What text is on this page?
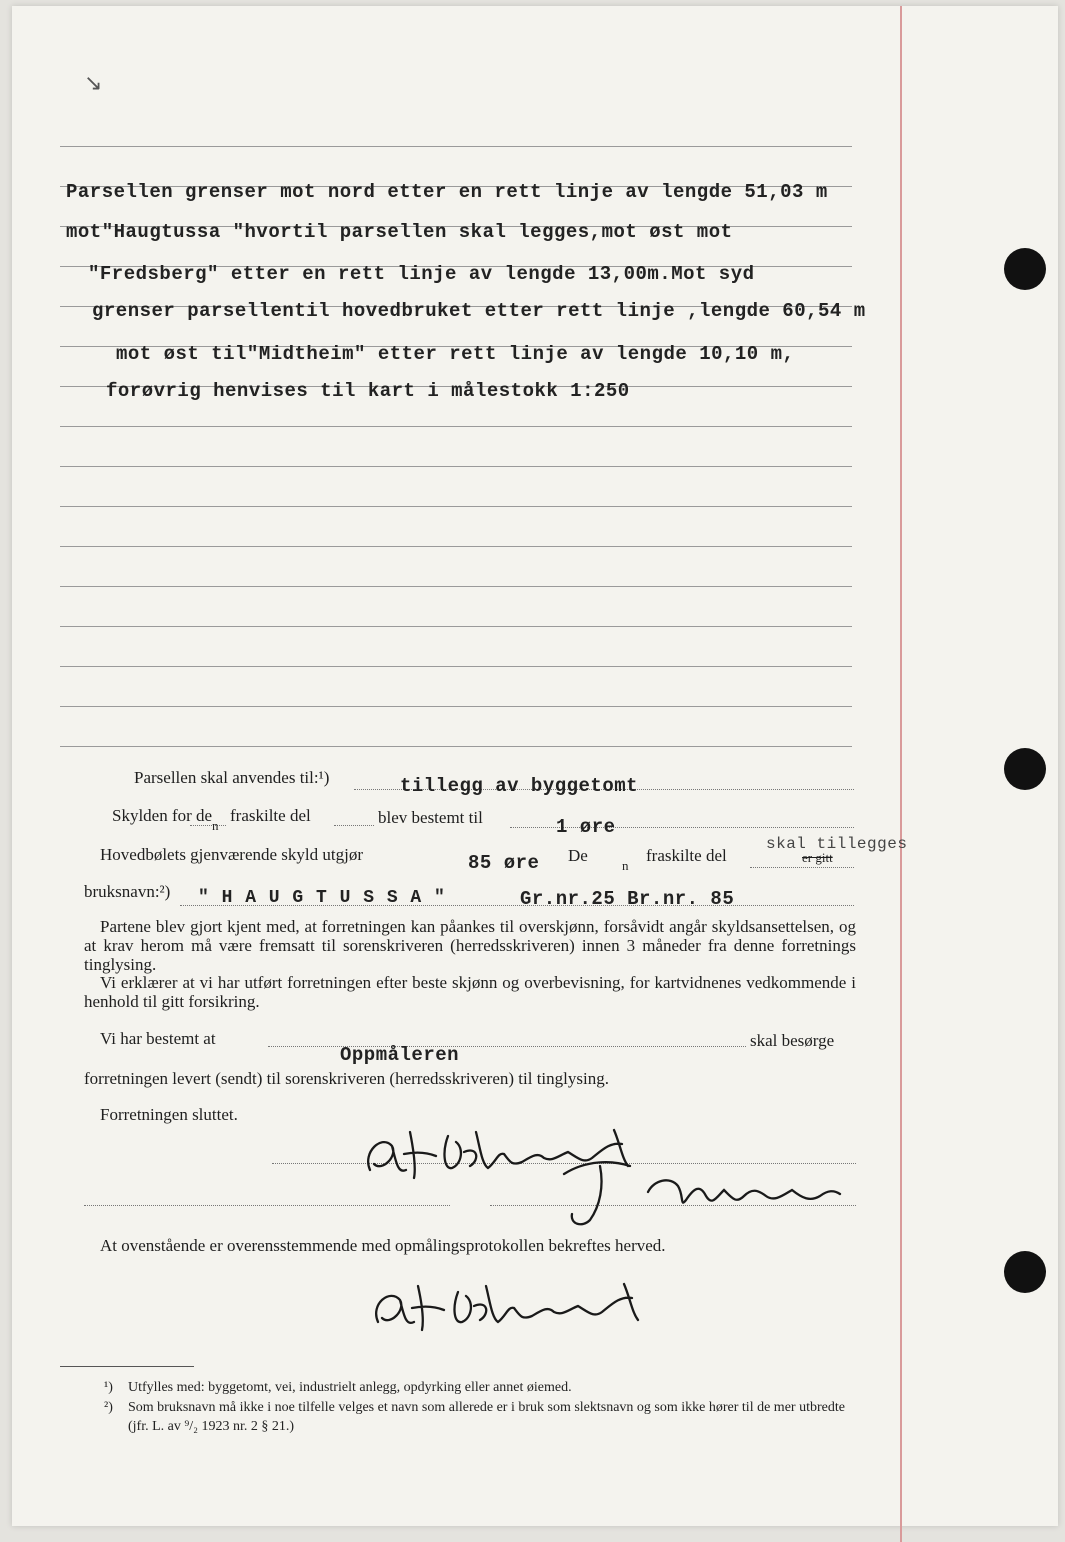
↘
Parsellen grenser mot nord etter en rett linje av lengde 51,03 m
mot"Haugtussa "hvortil parsellen skal legges,mot øst mot
"Fredsberg" etter en rett linje av lengde 13,00m.Mot syd
grenser parsellentil hovedbruket etter rett linje ,lengde 60,54 m
mot øst til"Midtheim" etter rett linje av lengde 10,10 m,
forøvrig henvises til kart i målestokk 1:250
Parsellen skal anvendes til:¹)	tillegg av byggetomt
Skylden for de
n
fraskilte del	blev bestemt til	1 øre
Hovedbølets gjenværende skyld utgjør	85 øre De
n
fraskilte del
skal tillegges
er gitt
bruksnavn:²) " H A U G T U S S A "	Gr.nr.25 Br.nr. 85
Partene blev gjort kjent med, at forretningen kan påankes til overskjønn, forsåvidt angår skyldsansettelsen, og at krav herom må være fremsatt til sorenskriveren (herredsskriveren) innen 3 måneder fra denne forretnings tinglysing.
Vi erklærer at vi har utført forretningen efter beste skjønn og overbevisning, for kartvidnenes vedkommende i henhold til gitt forsikring.
Vi har bestemt at	skal besørge
Oppmåleren
forretningen levert (sendt) til sorenskriveren (herredsskriveren) til tinglysing.
Forretningen sluttet.
At ovenstående er overensstemmende med opmålingsprotokollen bekreftes herved.
¹) Utfylles med: byggetomt, vei, industrielt anlegg, opdyrking eller annet øiemed.
²) Som bruksnavn må ikke i noe tilfelle velges et navn som allerede er i bruk som slektsnavn og som ikke hører til de mer utbredte (jfr. L. av ⁹/₂ 1923 nr. 2 § 21.)
